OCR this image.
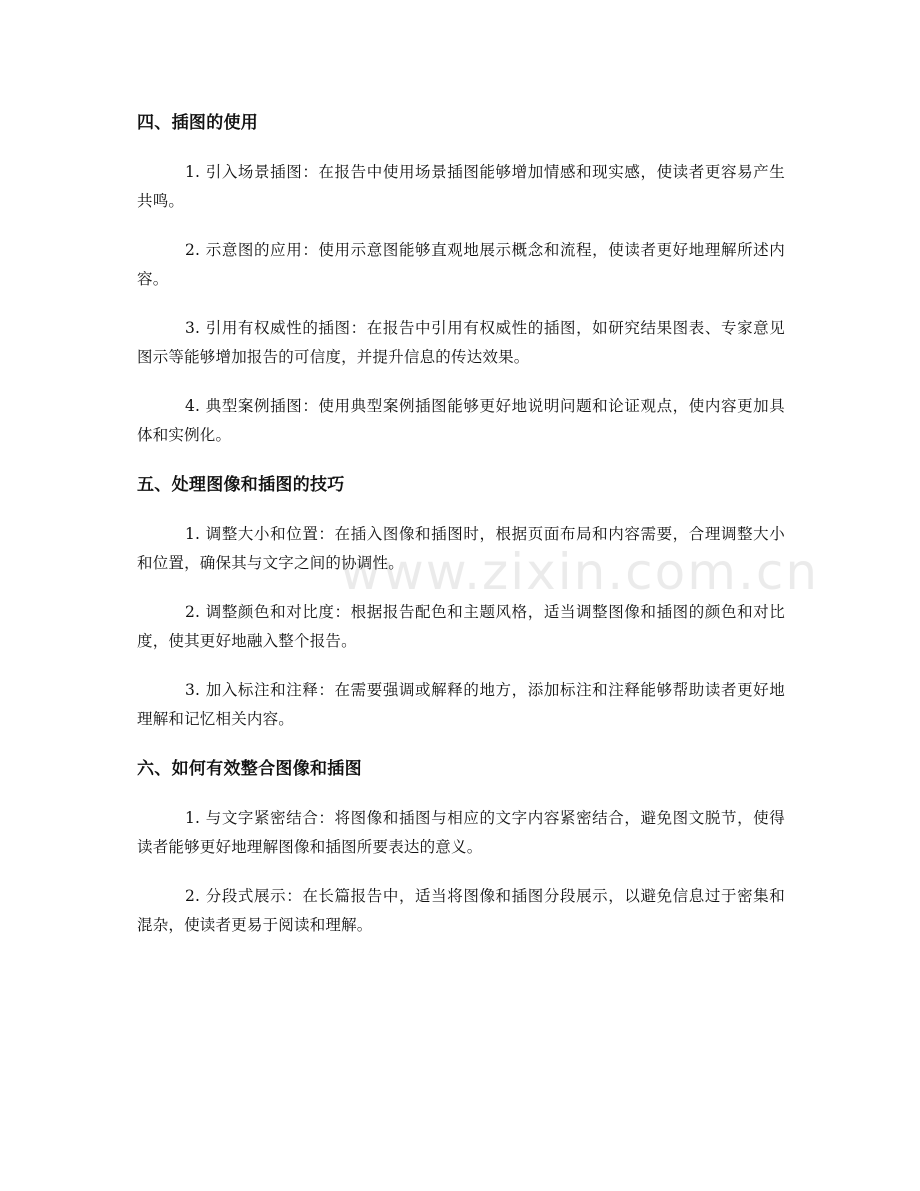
四、插图的使用

1. 引入场景插图：在报告中使用场景插图能够增加情感和现实感，使读者更容易产生共鸣。

2. 示意图的应用：使用示意图能够直观地展示概念和流程，使读者更好地理解所述内容。

3. 引用有权威性的插图：在报告中引用有权威性的插图，如研究结果图表、专家意见图示等能够增加报告的可信度，并提升信息的传达效果。

4. 典型案例插图：使用典型案例插图能够更好地说明问题和论证观点，使内容更加具体和实例化。

五、处理图像和插图的技巧

1. 调整大小和位置：在插入图像和插图时，根据页面布局和内容需要，合理调整大小和位置，确保其与文字之间的协调性。

2. 调整颜色和对比度：根据报告配色和主题风格，适当调整图像和插图的颜色和对比度，使其更好地融入整个报告。

3. 加入标注和注释：在需要强调或解释的地方，添加标注和注释能够帮助读者更好地理解和记忆相关内容。

六、如何有效整合图像和插图

1. 与文字紧密结合：将图像和插图与相应的文字内容紧密结合，避免图文脱节，使得读者能够更好地理解图像和插图所要表达的意义。

2. 分段式展示：在长篇报告中，适当将图像和插图分段展示，以避免信息过于密集和混杂，使读者更易于阅读和理解。

www.zixin.com.cn
